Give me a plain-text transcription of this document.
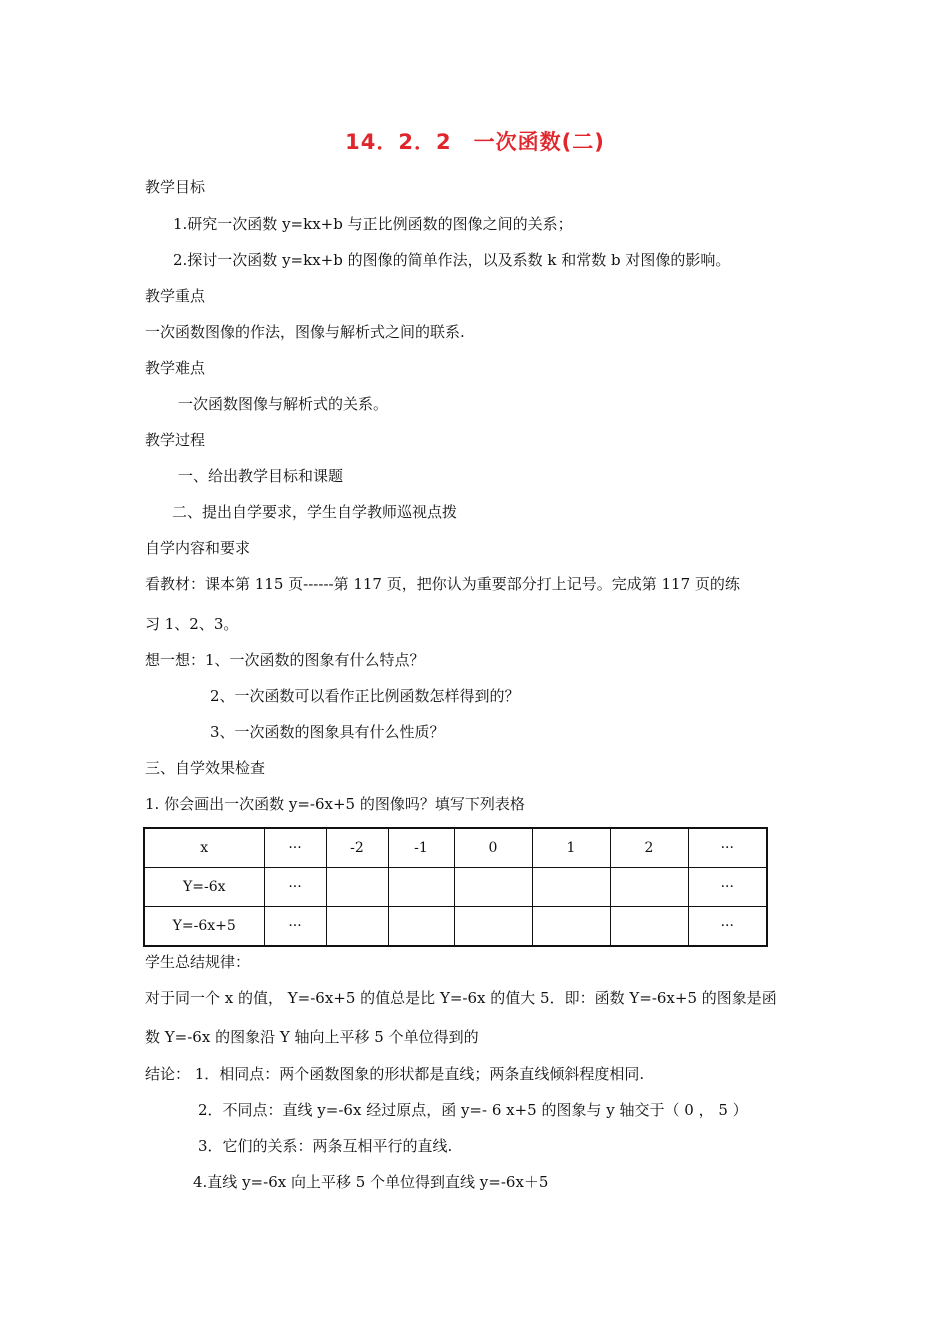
14．2．2　一次函数(二)
教学目标
1.研究一次函数 y=kx+b 与正比例函数的图像之间的关系；
2.探讨一次函数 y=kx+b 的图像的简单作法，以及系数 k 和常数 b 对图像的影响。
教学重点
一次函数图像的作法，图像与解析式之间的联系.
教学难点
一次函数图像与解析式的关系。
教学过程
一、给出教学目标和课题
二、提出自学要求，学生自学教师巡视点拨
自学内容和要求
看教材：课本第 115 页------第 117 页，把你认为重要部分打上记号。完成第 117 页的练
习 1、2、3。
想一想：1、一次函数的图象有什么特点？
2、一次函数可以看作正比例函数怎样得到的？
3、一次函数的图象具有什么性质？
三、自学效果检查
1. 你会画出一次函数 y=-6x+5 的图像吗？填写下列表格
x	···	-2	-1	0	1	2	···
Y=-6x	···						···
Y=-6x+5	···						···
学生总结规律：
对于同一个 x 的值， Y=-6x+5 的值总是比 Y=-6x 的值大 5．即：函数 Y=-6x+5 的图象是函
数 Y=-6x 的图象沿 Y 轴向上平移 5 个单位得到的
结论： 1．相同点：两个函数图象的形状都是直线；两条直线倾斜程度相同.
2．不同点：直线 y=-6x 经过原点，函 y=- 6 x+5 的图象与 y 轴交于（ 0 ， 5 ）
3．它们的关系：两条互相平行的直线.
4.直线 y=-6x 向上平移 5 个单位得到直线 y=-6x＋5
